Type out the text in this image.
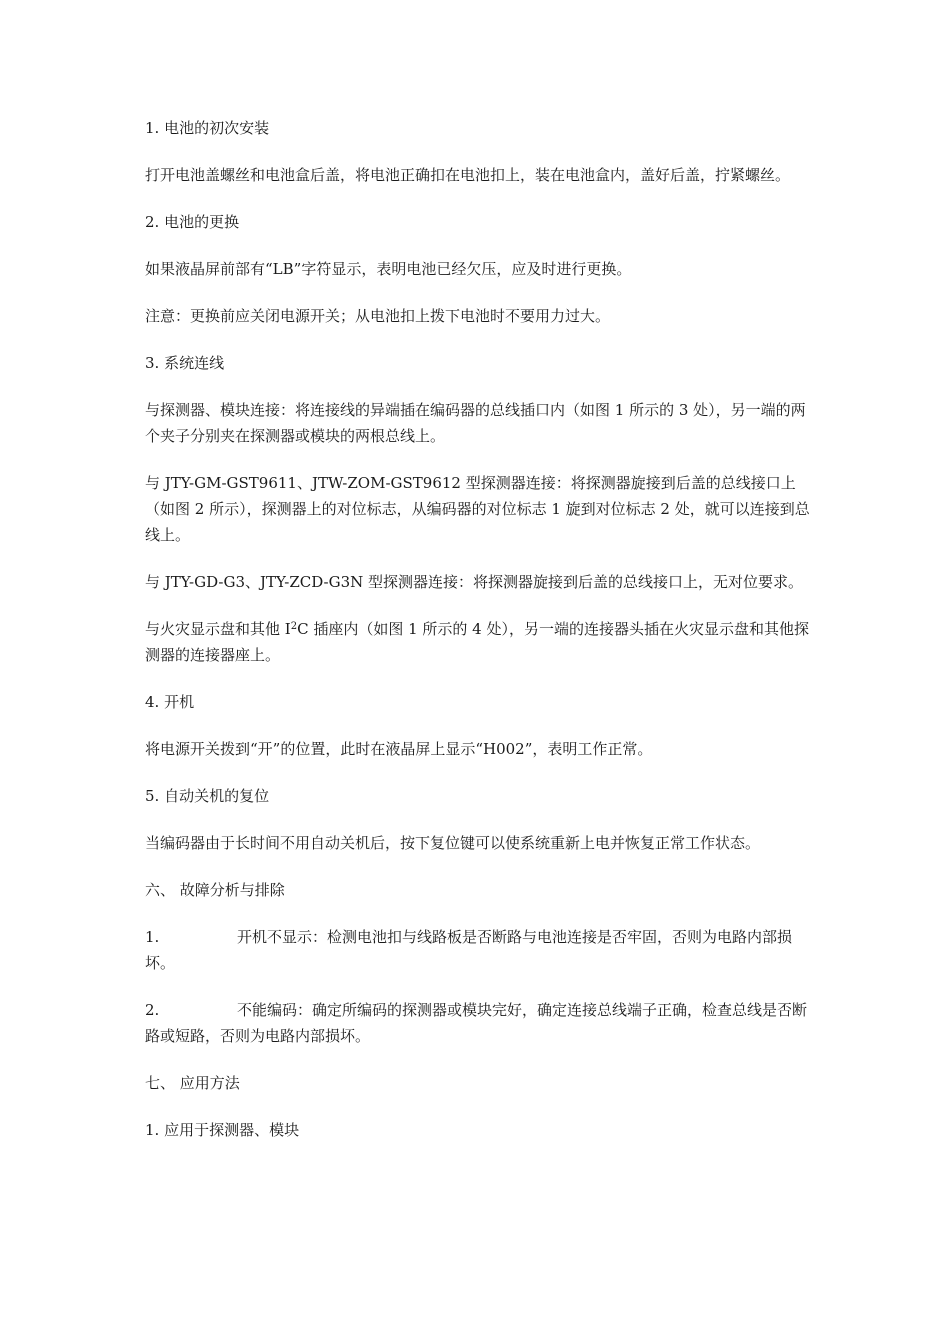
1. 电池的初次安装

打开电池盖螺丝和电池盒后盖，将电池正确扣在电池扣上，装在电池盒内，盖好后盖，拧紧螺丝。

2. 电池的更换

如果液晶屏前部有“LB”字符显示，表明电池已经欠压，应及时进行更换。

注意：更换前应关闭电源开关；从电池扣上拨下电池时不要用力过大。

3. 系统连线

与探测器、模块连接：将连接线的异端插在编码器的总线插口内（如图 1 所示的 3 处），另一端的两个夹子分别夹在探测器或模块的两根总线上。

与 JTY-GM-GST9611、JTW-ZOM-GST9612 型探测器连接：将探测器旋接到后盖的总线接口上（如图 2 所示），探测器上的对位标志，从编码器的对位标志 1 旋到对位标志 2 处，就可以连接到总线上。

与 JTY-GD-G3、JTY-ZCD-G3N 型探测器连接：将探测器旋接到后盖的总线接口上，无对位要求。

与火灾显示盘和其他 $I^2C$ 插座内（如图 1 所示的 4 处），另一端的连接器头插在火灾显示盘和其他探测器的连接器座上。

4. 开机

将电源开关拨到“开”的位置，此时在液晶屏上显示“H002”，表明工作正常。

5. 自动关机的复位

当编码器由于长时间不用自动关机后，按下复位键可以使系统重新上电并恢复正常工作状态。

六、 故障分析与排除

1.	开机不显示：检测电池扣与线路板是否断路与电池连接是否牢固，否则为电路内部损坏。

2.	不能编码：确定所编码的探测器或模块完好，确定连接总线端子正确，检查总线是否断路或短路，否则为电路内部损坏。

七、 应用方法

1. 应用于探测器、模块
